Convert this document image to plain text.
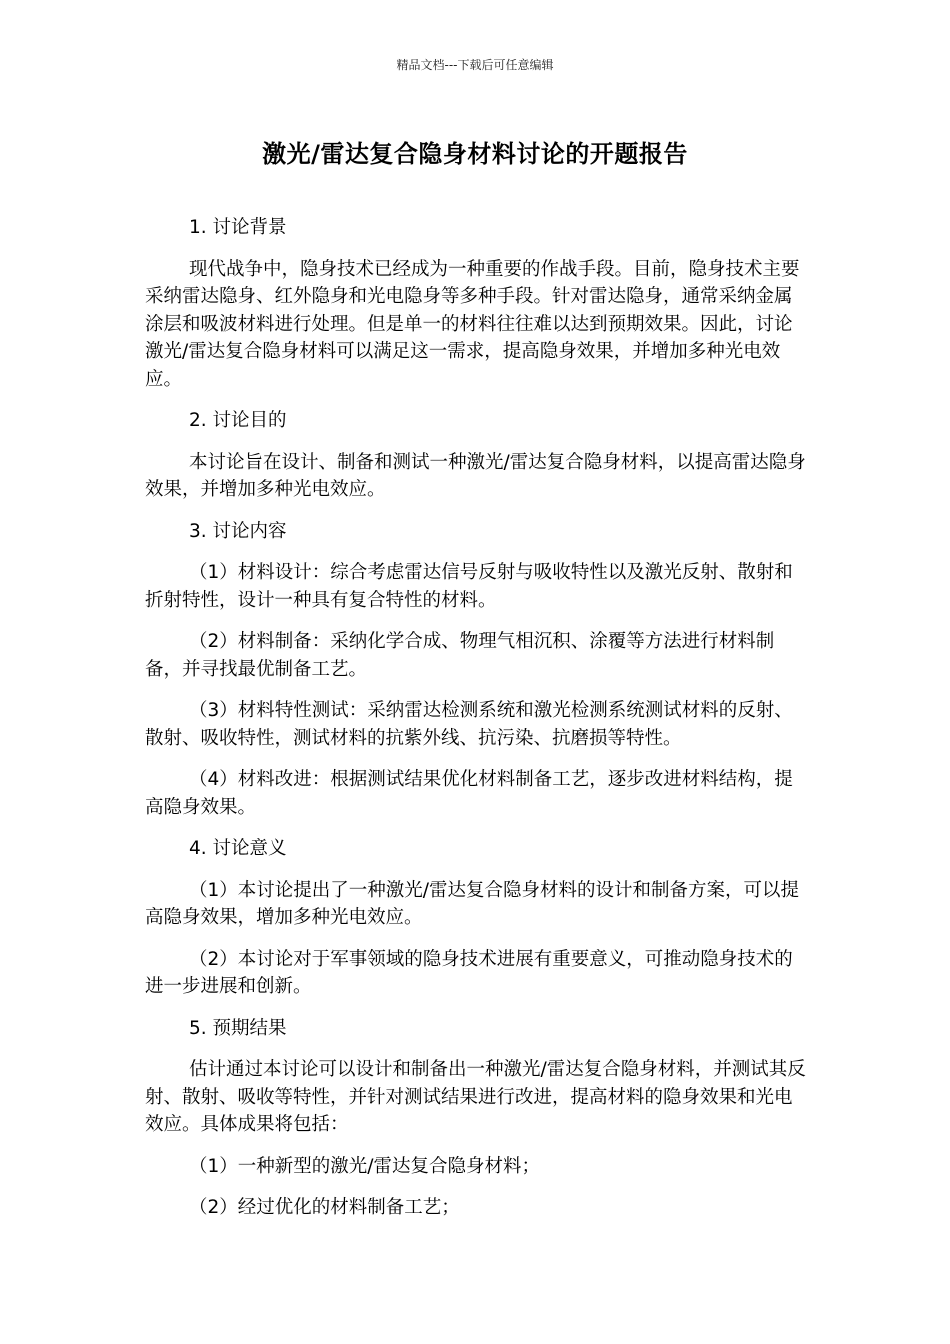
精品文档---下载后可任意编辑
激光/雷达复合隐身材料讨论的开题报告

1. 讨论背景

现代战争中，隐身技术已经成为一种重要的作战手段。目前，隐身技术主要采纳雷达隐身、红外隐身和光电隐身等多种手段。针对雷达隐身，通常采纳金属涂层和吸波材料进行处理。但是单一的材料往往难以达到预期效果。因此，讨论激光/雷达复合隐身材料可以满足这一需求，提高隐身效果，并增加多种光电效应。

2. 讨论目的

本讨论旨在设计、制备和测试一种激光/雷达复合隐身材料，以提高雷达隐身效果，并增加多种光电效应。

3. 讨论内容

（1）材料设计：综合考虑雷达信号反射与吸收特性以及激光反射、散射和折射特性，设计一种具有复合特性的材料。

（2）材料制备：采纳化学合成、物理气相沉积、涂覆等方法进行材料制备，并寻找最优制备工艺。

（3）材料特性测试：采纳雷达检测系统和激光检测系统测试材料的反射、散射、吸收特性，测试材料的抗紫外线、抗污染、抗磨损等特性。

（4）材料改进：根据测试结果优化材料制备工艺，逐步改进材料结构，提高隐身效果。

4. 讨论意义

（1）本讨论提出了一种激光/雷达复合隐身材料的设计和制备方案，可以提高隐身效果，增加多种光电效应。

（2）本讨论对于军事领域的隐身技术进展有重要意义，可推动隐身技术的进一步进展和创新。

5. 预期结果

估计通过本讨论可以设计和制备出一种激光/雷达复合隐身材料，并测试其反射、散射、吸收等特性，并针对测试结果进行改进，提高材料的隐身效果和光电效应。具体成果将包括：

（1）一种新型的激光/雷达复合隐身材料；

（2）经过优化的材料制备工艺；
